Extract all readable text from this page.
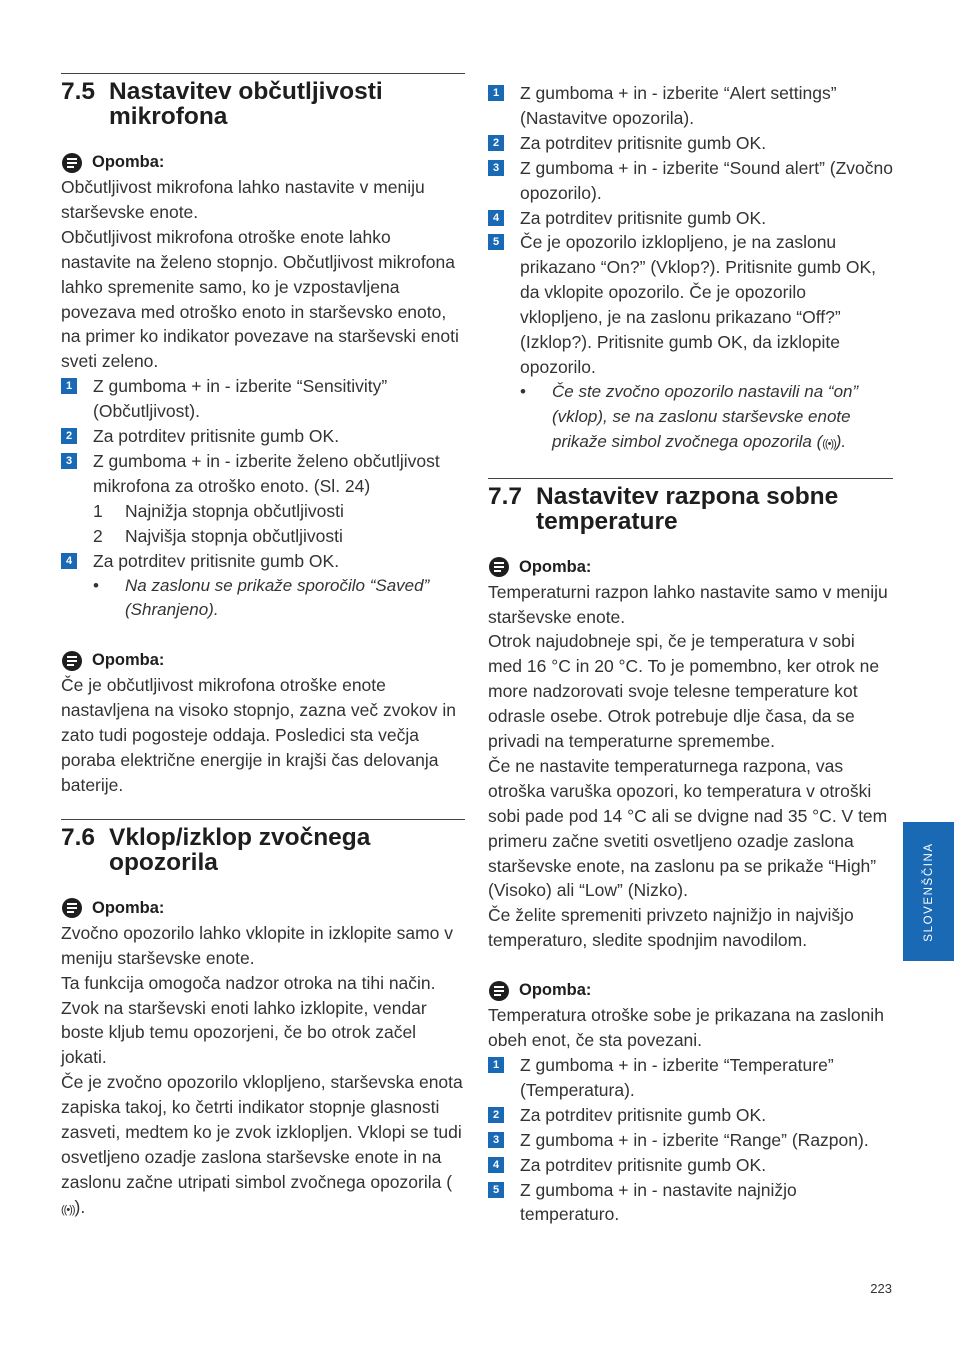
7.5 Nastavitev občutljivosti mikrofona
Opomba:
Občutljivost mikrofona lahko nastavite v meniju starševske enote.
Občutljivost mikrofona otroške enote lahko nastavite na želeno stopnjo. Občutljivost mikrofona lahko spremenite samo, ko je vzpostavljena povezava med otroško enoto in starševsko enoto, na primer ko indikator povezave na starševski enoti sveti zeleno.
1 Z gumboma + in - izberite “Sensitivity” (Občutljivost).
2 Za potrditev pritisnite gumb OK.
3 Z gumboma + in - izberite želeno občutljivost mikrofona za otroško enoto. (Sl. 24)
1	Najnižja stopnja občutljivosti
2	Najvišja stopnja občutljivosti
4 Za potrditev pritisnite gumb OK.
•	Na zaslonu se prikaže sporočilo “Saved” (Shranjeno).
Opomba:
Če je občutljivost mikrofona otroške enote nastavljena na visoko stopnjo, zazna več zvokov in zato tudi pogosteje oddaja. Posledici sta večja poraba električne energije in krajši čas delovanja baterije.
7.6 Vklop/izklop zvočnega opozorila
Opomba:
Zvočno opozorilo lahko vklopite in izklopite samo v meniju starševske enote.
Ta funkcija omogoča nadzor otroka na tihi način. Zvok na starševski enoti lahko izklopite, vendar boste kljub temu opozorjeni, če bo otrok začel jokati.
Če je zvočno opozorilo vklopljeno, starševska enota zapiska takoj, ko četrti indikator stopnje glasnosti zasveti, medtem ko je zvok izklopljen. Vklopi se tudi osvetljeno ozadje zaslona starševske enote in na zaslonu začne utripati simbol zvočnega opozorila (((•))).
1 Z gumboma + in - izberite “Alert settings” (Nastavitve opozorila).
2 Za potrditev pritisnite gumb OK.
3 Z gumboma + in - izberite “Sound alert” (Zvočno opozorilo).
4 Za potrditev pritisnite gumb OK.
5 Če je opozorilo izklopljeno, je na zaslonu prikazano “On?” (Vklop?). Pritisnite gumb OK, da vklopite opozorilo. Če je opozorilo vklopljeno, je na zaslonu prikazano “Off?” (Izklop?). Pritisnite gumb OK, da izklopite opozorilo.
•	Če ste zvočno opozorilo nastavili na “on” (vklop), se na zaslonu starševske enote prikaže simbol zvočnega opozorila (((•))).
7.7 Nastavitev razpona sobne temperature
Opomba:
Temperaturni razpon lahko nastavite samo v meniju starševske enote.
Otrok najudobneje spi, če je temperatura v sobi med 16 °C in 20 °C. To je pomembno, ker otrok ne more nadzorovati svoje telesne temperature kot odrasle osebe. Otrok potrebuje dlje časa, da se privadi na temperaturne spremembe.
Če ne nastavite temperaturnega razpona, vas otroška varuška opozori, ko temperatura v otroški sobi pade pod 14 °C ali se dvigne nad 35 °C. V tem primeru začne svetiti osvetljeno ozadje zaslona starševske enote, na zaslonu pa se prikaže “High” (Visoko) ali “Low” (Nizko).
Če želite spremeniti privzeto najnižjo in najvišjo temperaturo, sledite spodnjim navodilom.
Opomba:
Temperatura otroške sobe je prikazana na zaslonih obeh enot, če sta povezani.
1 Z gumboma + in - izberite “Temperature” (Temperatura).
2 Za potrditev pritisnite gumb OK.
3 Z gumboma + in - izberite “Range” (Razpon).
4 Za potrditev pritisnite gumb OK.
5 Z gumboma + in - nastavite najnižjo temperaturo.
SLOVENŠČINA
223
